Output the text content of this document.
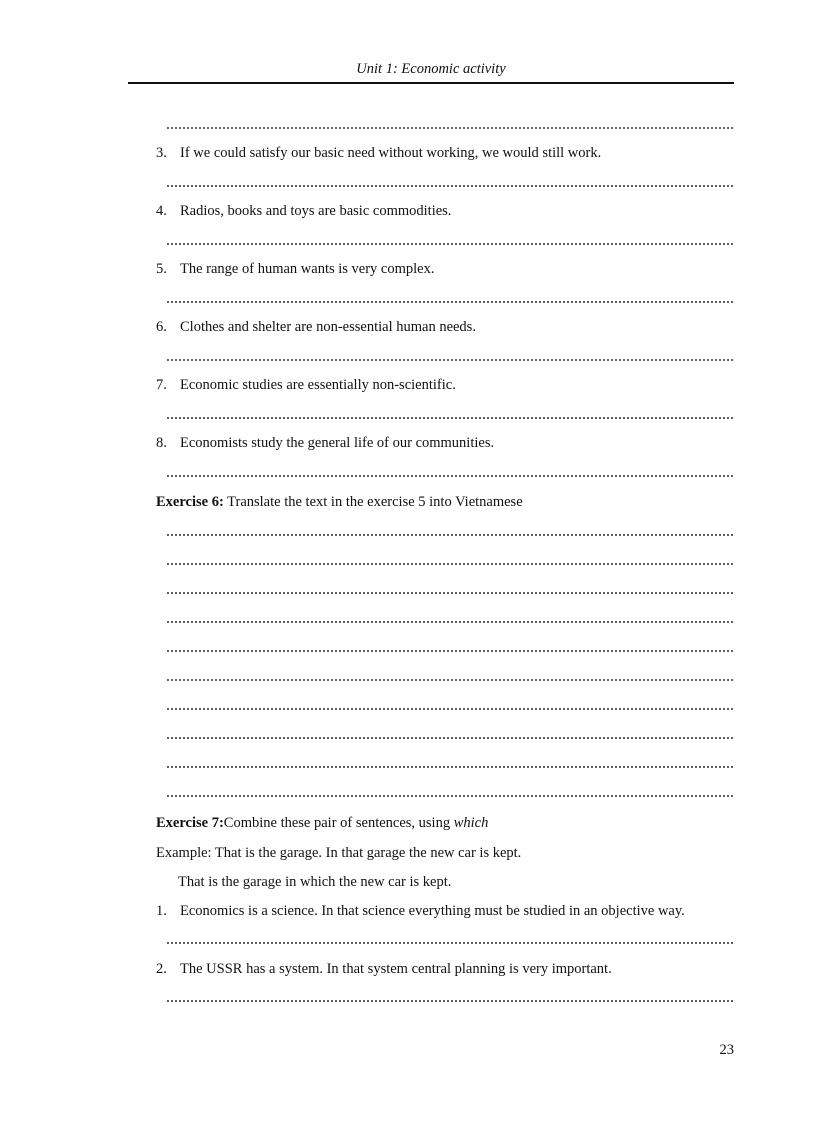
Unit 1: Economic activity
3. If we could satisfy our basic need without working, we would still work.
4. Radios, books and toys are basic commodities.
5. The range of human wants is very complex.
6. Clothes and shelter are non-essential human needs.
7. Economic studies are essentially non-scientific.
8. Economists study the general life of our communities.
Exercise 6: Translate the text in the exercise 5 into Vietnamese
Exercise 7:Combine these pair of sentences, using which
Example: That is the garage. In that garage the new car is kept.
That is the garage in which the new car is kept.
1. Economics is a science. In that science everything must be studied in an objective way.
2. The USSR has a system. In that system central planning is very important.
23
